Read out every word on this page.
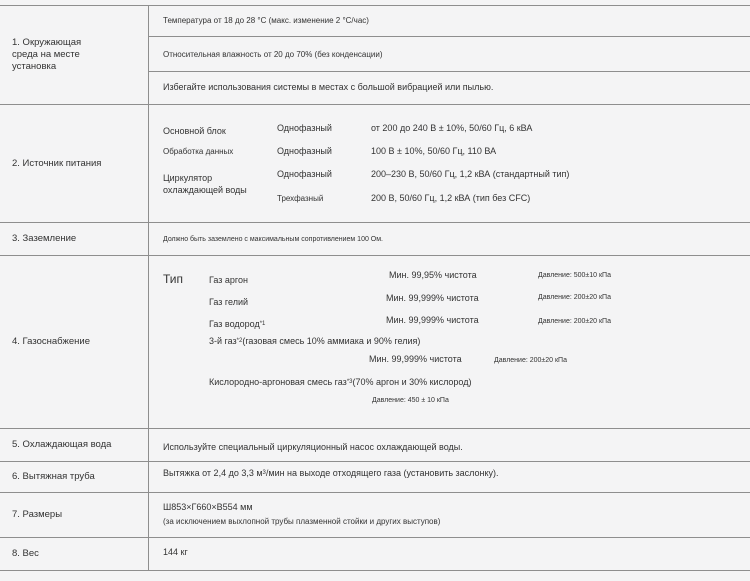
1. Окружающая среда на месте установка
Температура от 18 до 28 °C (макс. изменение 2 °C/час)
Относительная влажность от 20 до 70% (без конденсации)
Избегайте использования системы в местах с большой вибрацией или пылью.
2. Источник питания
Основной блок	Однофазный	от 200 до 240 В ± 10%, 50/60 Гц, 6 кВА
Обработка данных	Однофазный	100 В ± 10%, 50/60 Гц, 110 ВА
Циркулятор охлаждающей воды
Однофазный	200–230 В, 50/60 Гц, 1,2 кВА (стандартный тип)
Трехфазный	200 В, 50/60 Гц, 1,2 кВА (тип без CFC)
3. Заземление	Должно быть заземлено с максимальным сопротивлением 100 Ом.
4. Газоснабжение
Тип	Газ аргон	Мин. 99,95% чистота	Давление: 500±10 кПа
Газ гелий	Мин. 99,999% чистота	Давление: 200±20 кПа
Газ водород$^{*1}$	Мин. 99,999% чистота	Давление: 200±20 кПа
3-й газ$^{*2}$(газовая смесь 10% аммиака и 90% гелия)
Мин. 99,999% чистота	Давление: 200±20 кПа
Кислородно-аргоновая смесь газ$^{*3}$(70% аргон и 30% кислород)
Давление: 450 ± 10 кПа
5. Охлаждающая вода	Используйте специальный циркуляционный насос охлаждающей воды.
6. Вытяжная труба	Вытяжка от 2,4 до 3,3 $м^3$/мин на выходе отходящего газа (установить заслонку).
7. Размеры
Ш853×Г660×В554 мм
(за исключением выхлопной трубы плазменной стойки и других выступов)
8. Вес	144 кг
